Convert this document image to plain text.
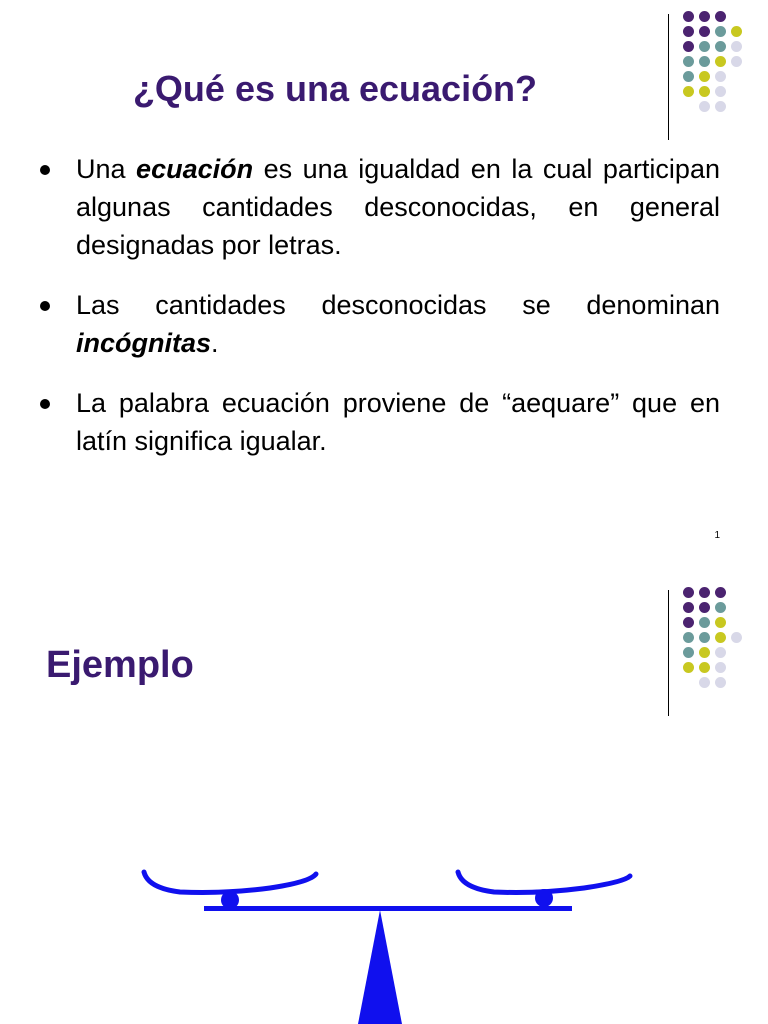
¿Qué es una ecuación?
Una ecuación es una igualdad en la cual participan algunas cantidades desconocidas, en general designadas por letras.
Las cantidades desconocidas se denominan incógnitas.
La palabra ecuación proviene de “aequare” que en latín significa igualar.
1
Ejemplo
